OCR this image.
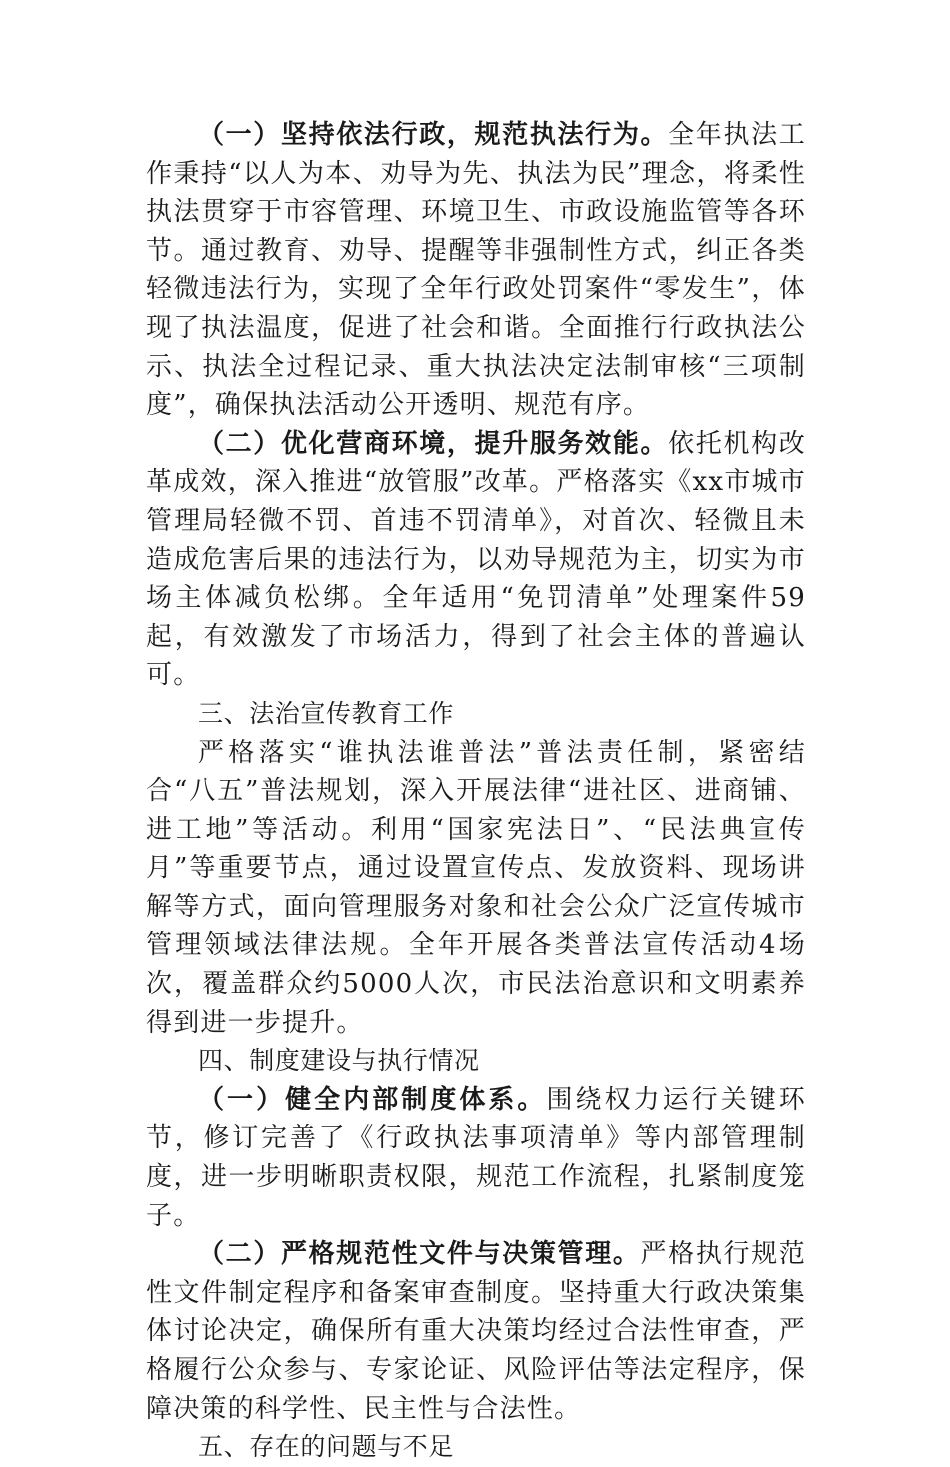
（一）坚持依法行政，规范执法行为。全年执法工作秉持“以人为本、劝导为先、执法为民”理念，将柔性执法贯穿于市容管理、环境卫生、市政设施监管等各环节。通过教育、劝导、提醒等非强制性方式，纠正各类轻微违法行为，实现了全年行政处罚案件“零发生”，体现了执法温度，促进了社会和谐。全面推行行政执法公示、执法全过程记录、重大执法决定法制审核“三项制度”，确保执法活动公开透明、规范有序。

（二）优化营商环境，提升服务效能。依托机构改革成效，深入推进“放管服”改革。严格落实《xx市城市管理局轻微不罚、首违不罚清单》，对首次、轻微且未造成危害后果的违法行为，以劝导规范为主，切实为市场主体减负松绑。全年适用“免罚清单”处理案件59起，有效激发了市场活力，得到了社会主体的普遍认可。

三、法治宣传教育工作

严格落实“谁执法谁普法”普法责任制，紧密结合“八五”普法规划，深入开展法律“进社区、进商铺、进工地”等活动。利用“国家宪法日”、“民法典宣传月”等重要节点，通过设置宣传点、发放资料、现场讲解等方式，面向管理服务对象和社会公众广泛宣传城市管理领域法律法规。全年开展各类普法宣传活动4场次，覆盖群众约5000人次，市民法治意识和文明素养得到进一步提升。

四、制度建设与执行情况

（一）健全内部制度体系。围绕权力运行关键环节，修订完善了《行政执法事项清单》等内部管理制度，进一步明晰职责权限，规范工作流程，扎紧制度笼子。

（二）严格规范性文件与决策管理。严格执行规范性文件制定程序和备案审查制度。坚持重大行政决策集体讨论决定，确保所有重大决策均经过合法性审查，严格履行公众参与、专家论证、风险评估等法定程序，保障决策的科学性、民主性与合法性。

五、存在的问题与不足
